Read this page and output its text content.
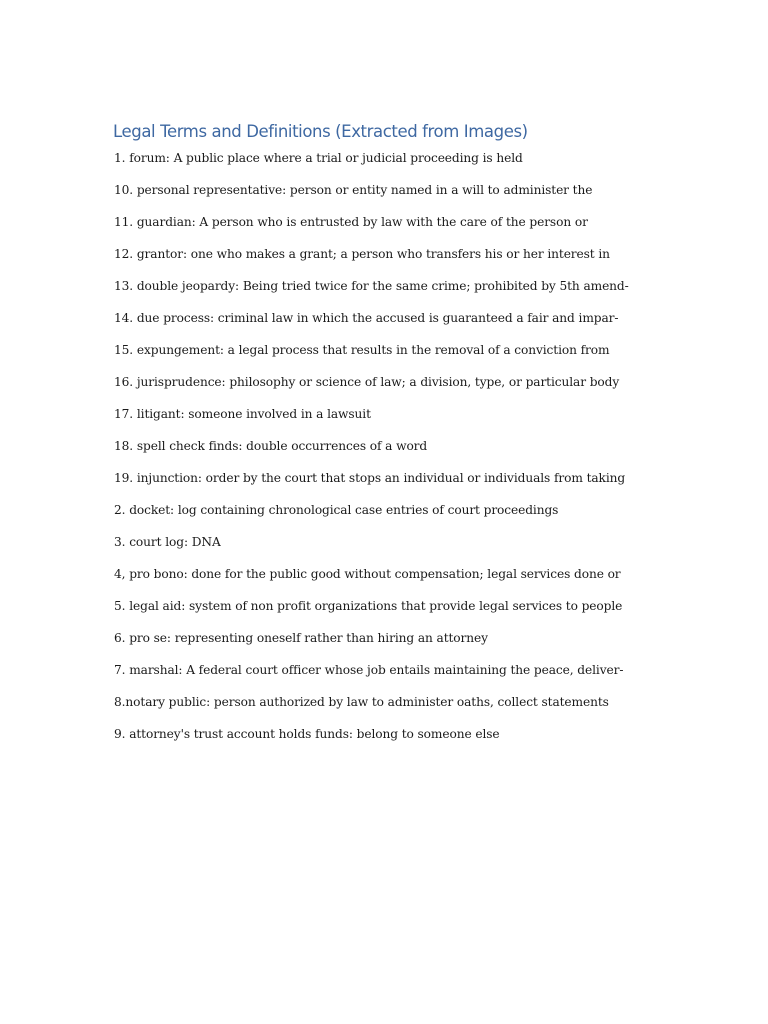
Legal Terms and Definitions (Extracted from Images)
1. forum: A public place where a trial or judicial proceeding is held
10. personal representative: person or entity named in a will to administer the
11. guardian: A person who is entrusted by law with the care of the person or
12. grantor: one who makes a grant; a person who transfers his or her interest in
13. double jeopardy: Being tried twice for the same crime; prohibited by 5th amend-
14. due process: criminal law in which the accused is guaranteed a fair and impar-
15. expungement: a legal process that results in the removal of a conviction from
16. jurisprudence: philosophy or science of law; a division, type, or particular body
17. litigant: someone involved in a lawsuit
18. spell check finds: double occurrences of a word
19. injunction: order by the court that stops an individual or individuals from taking
2. docket: log containing chronological case entries of court proceedings
3. court log: DNA
4, pro bono: done for the public good without compensation; legal services done or
5. legal aid: system of non profit organizations that provide legal services to people
6. pro se: representing oneself rather than hiring an attorney
7. marshal: A federal court officer whose job entails maintaining the peace, deliver-
8.notary public: person authorized by law to administer oaths, collect statements
9. attorney's trust account holds funds: belong to someone else
